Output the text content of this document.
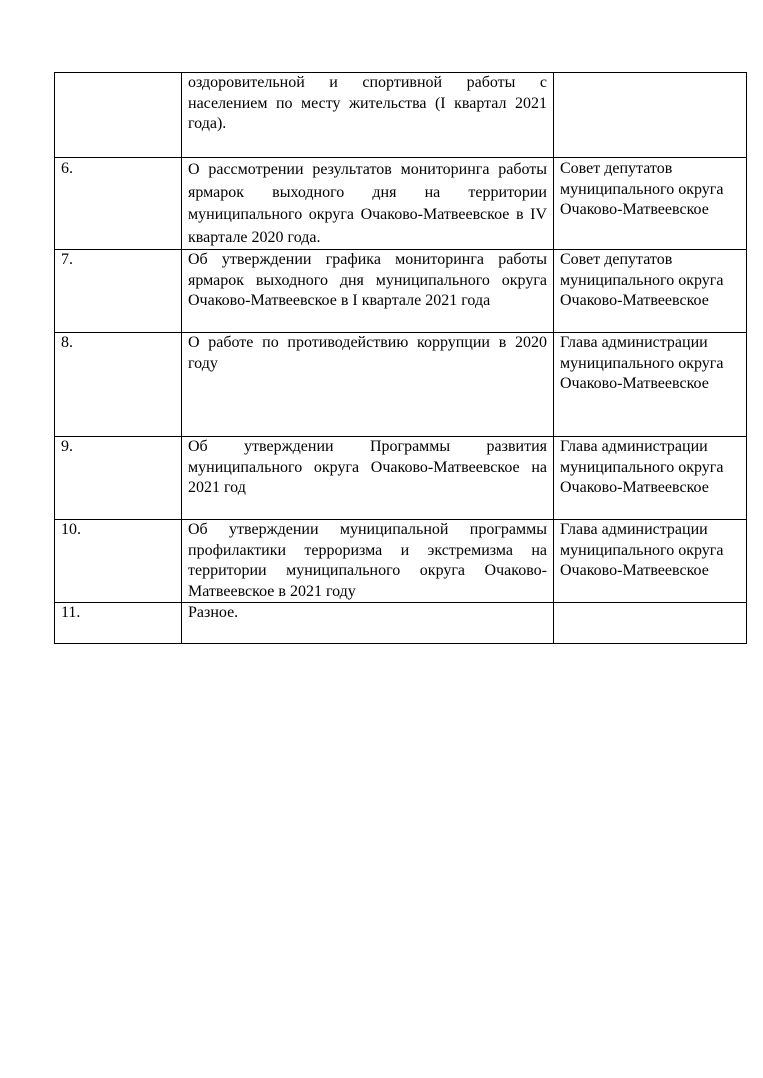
	оздоровительной и спортивной работы с населением по месту жительства (I квартал 2021 года).	
6.	О рассмотрении результатов мониторинга работы ярмарок выходного дня на территории муниципального округа Очаково-Матвеевское в IV квартале 2020 года.	Совет депутатов муниципального округа Очаково-Матвеевское
7.	Об утверждении графика мониторинга работы ярмарок выходного дня муниципального округа Очаково-Матвеевское в I квартале 2021 года	Совет депутатов муниципального округа Очаково-Матвеевское
8.	О работе по противодействию коррупции в 2020 году	Глава администрации муниципального округа Очаково-Матвеевское
9.	Об утверждении Программы развития муниципального округа Очаково-Матвеевское на 2021 год	Глава администрации муниципального округа Очаково-Матвеевское
10.	Об утверждении муниципальной программы профилактики терроризма и экстремизма на территории муниципального округа Очаково-Матвеевское в 2021 году	Глава администрации муниципального округа Очаково-Матвеевское
11.	Разное.	
